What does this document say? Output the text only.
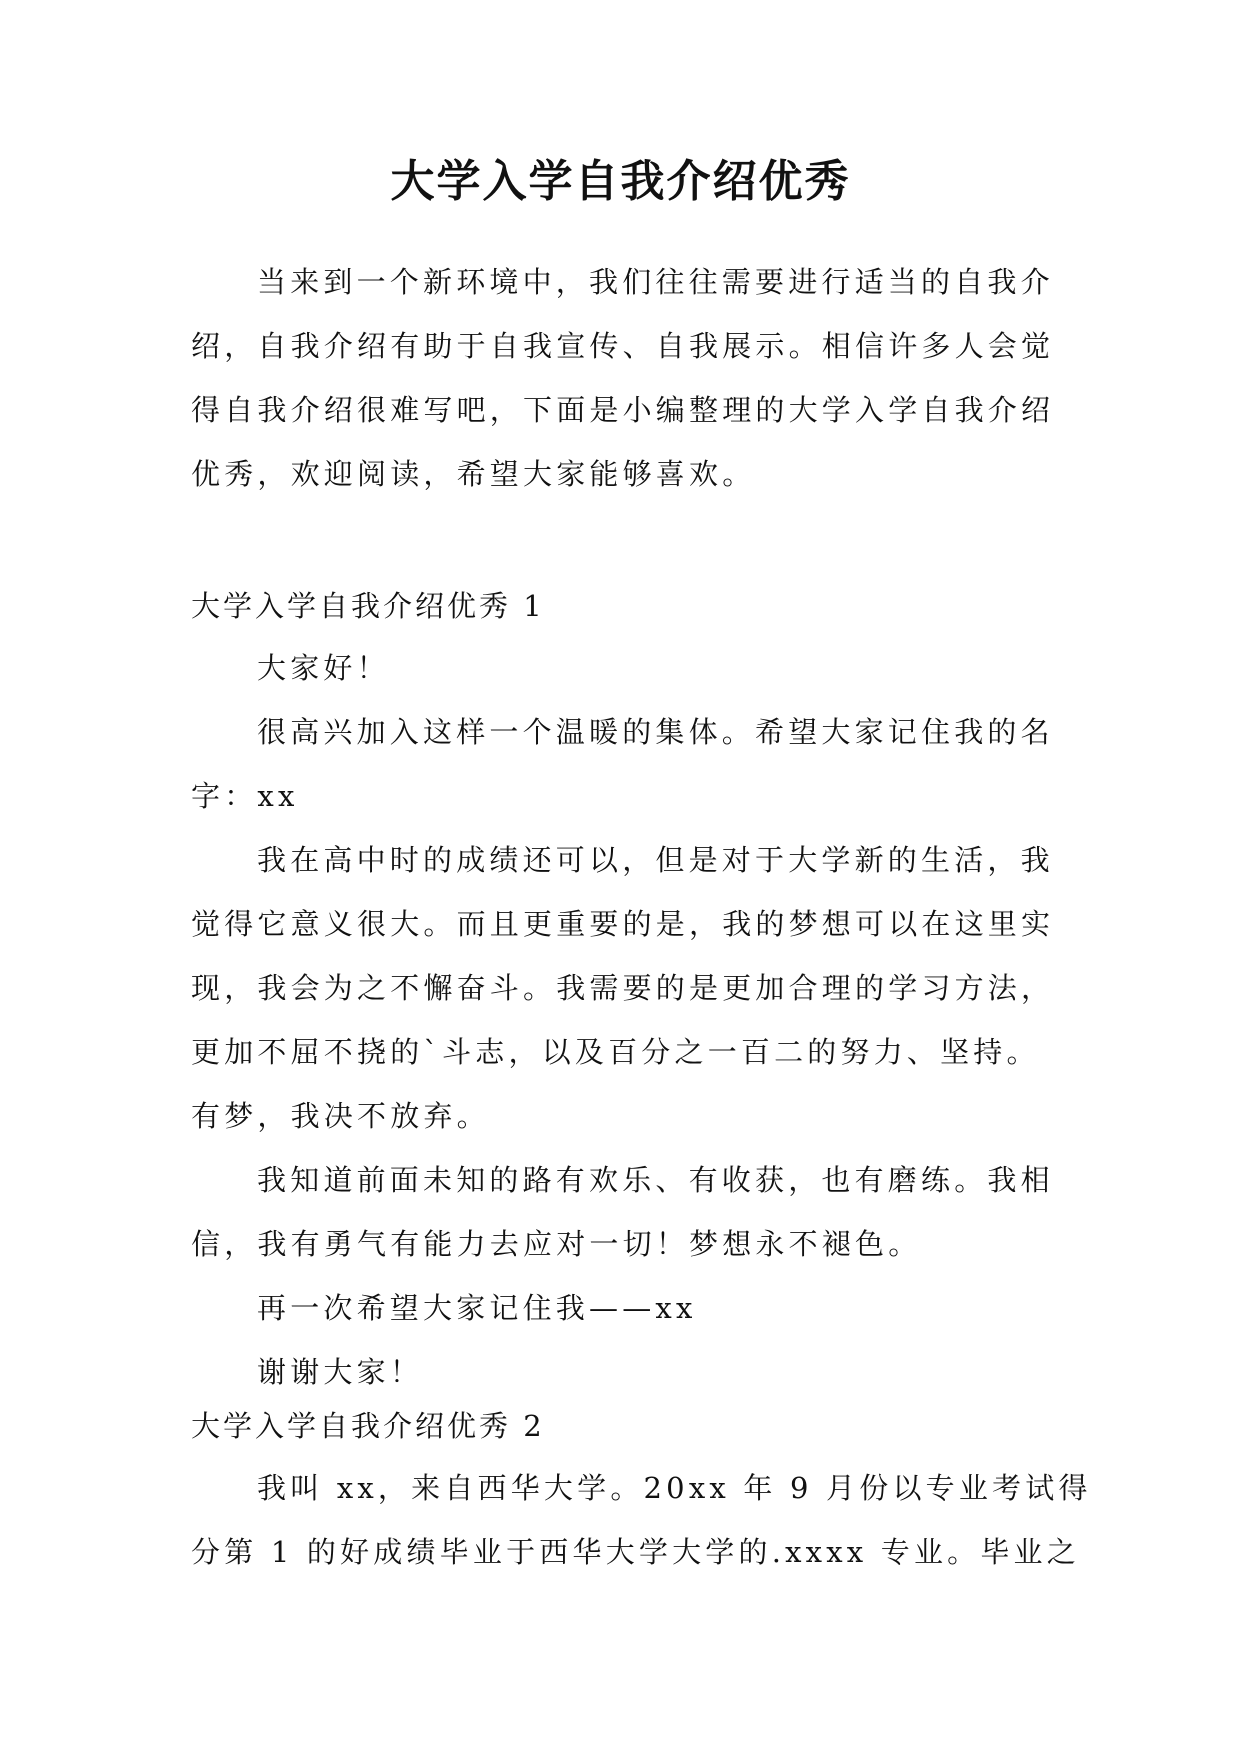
大学入学自我介绍优秀
当来到一个新环境中，我们往往需要进行适当的自我介
绍，自我介绍有助于自我宣传、自我展示。相信许多人会觉
得自我介绍很难写吧，下面是小编整理的大学入学自我介绍
优秀，欢迎阅读，希望大家能够喜欢。
大学入学自我介绍优秀 1
大家好！
很高兴加入这样一个温暖的集体。希望大家记住我的名
字：xx
我在高中时的成绩还可以，但是对于大学新的生活，我
觉得它意义很大。而且更重要的是，我的梦想可以在这里实
现，我会为之不懈奋斗。我需要的是更加合理的学习方法，
更加不屈不挠的`斗志，以及百分之一百二的努力、坚持。
有梦，我决不放弃。
我知道前面未知的路有欢乐、有收获，也有磨练。我相
信，我有勇气有能力去应对一切！梦想永不褪色。
再一次希望大家记住我——xx
谢谢大家！
大学入学自我介绍优秀 2
我叫 xx，来自西华大学。20xx 年 9 月份以专业考试得
分第 1 的好成绩毕业于西华大学大学的.xxxx 专业。毕业之
